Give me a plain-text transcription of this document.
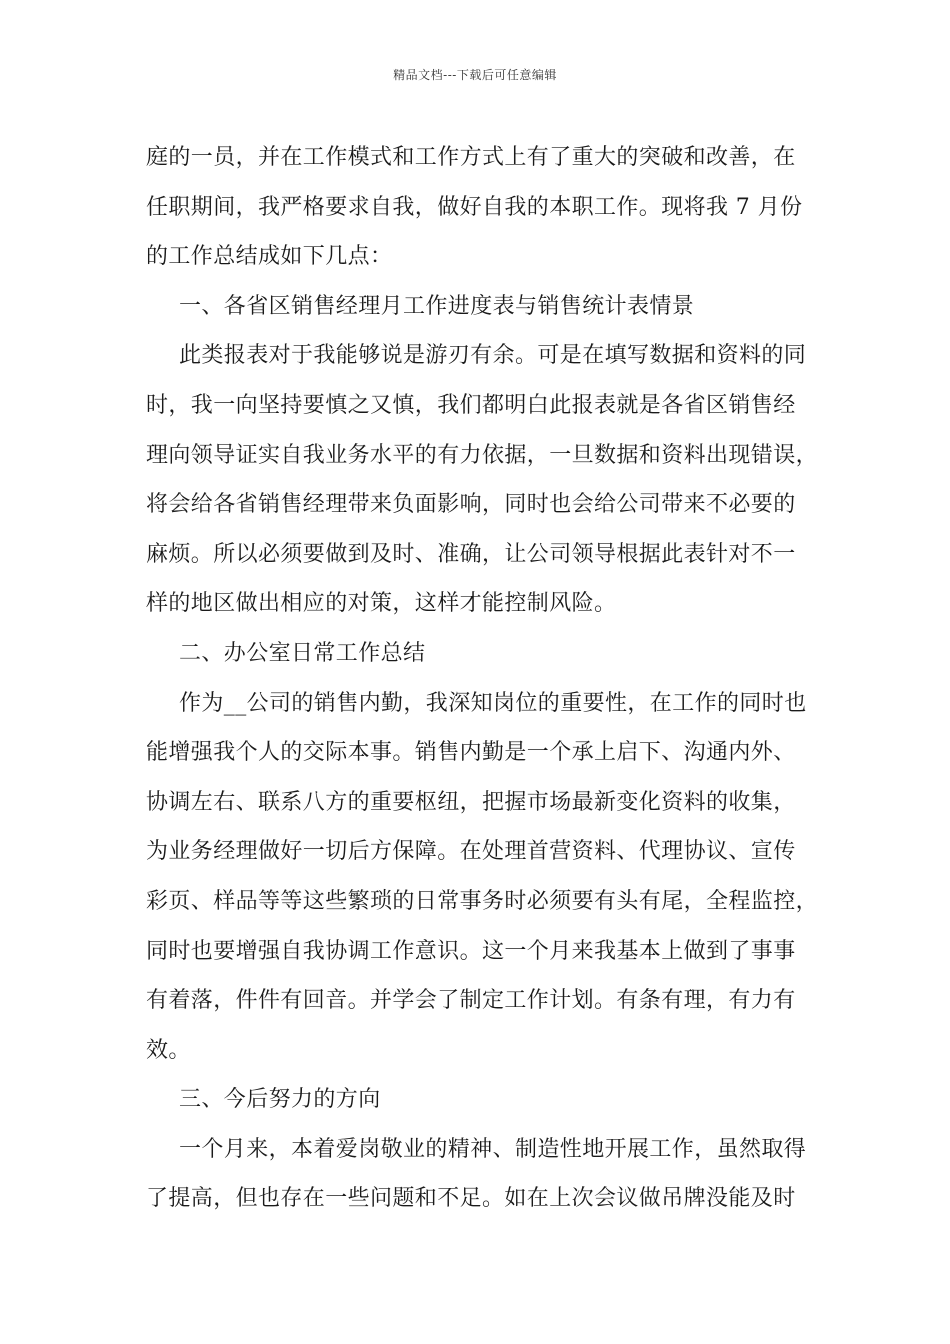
精品文档---下载后可任意编辑

庭的一员，并在工作模式和工作方式上有了重大的突破和改善，在
任职期间，我严格要求自我，做好自我的本职工作。现将我 7 月份
的工作总结成如下几点：

一、各省区销售经理月工作进度表与销售统计表情景

此类报表对于我能够说是游刃有余。可是在填写数据和资料的同
时，我一向坚持要慎之又慎，我们都明白此报表就是各省区销售经
理向领导证实自我业务水平的有力依据，一旦数据和资料出现错误，
将会给各省销售经理带来负面影响，同时也会给公司带来不必要的
麻烦。所以必须要做到及时、准确，让公司领导根据此表针对不一
样的地区做出相应的对策，这样才能控制风险。

二、办公室日常工作总结

作为__公司的销售内勤，我深知岗位的重要性，在工作的同时也
能增强我个人的交际本事。销售内勤是一个承上启下、沟通内外、
协调左右、联系八方的重要枢纽，把握市场最新变化资料的收集，
为业务经理做好一切后方保障。在处理首营资料、代理协议、宣传
彩页、样品等等这些繁琐的日常事务时必须要有头有尾，全程监控，
同时也要增强自我协调工作意识。这一个月来我基本上做到了事事
有着落，件件有回音。并学会了制定工作计划。有条有理，有力有
效。

三、今后努力的方向

一个月来，本着爱岗敬业的精神、制造性地开展工作，虽然取得
了提高，但也存在一些问题和不足。如在上次会议做吊牌没能及时
